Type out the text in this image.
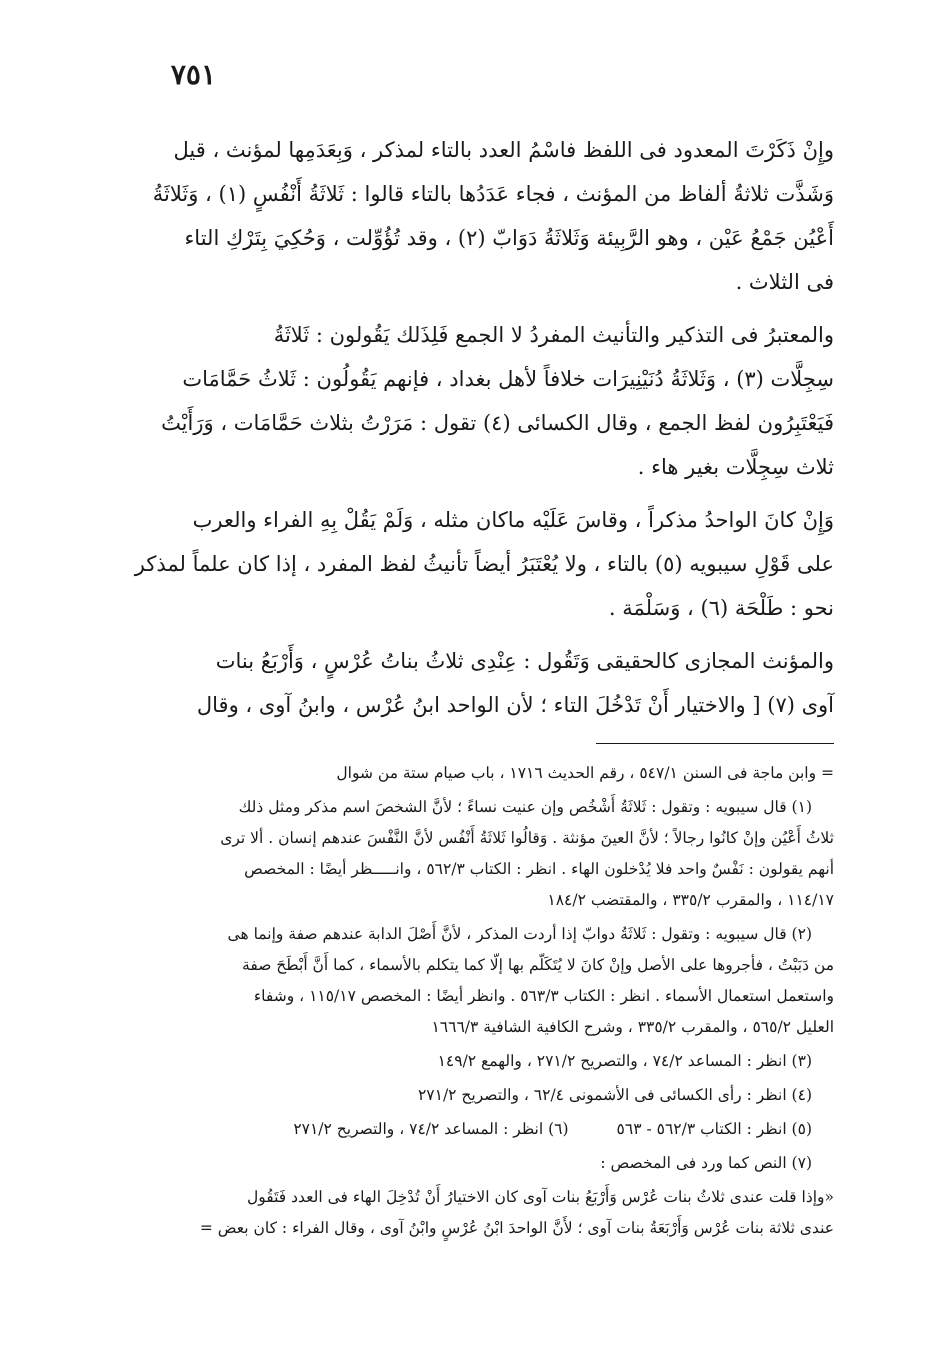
٧٥١

وإِنْ ذَكَرْتَ المعدود فى اللفظ فاسْمُ العدد بالتاء لمذكر ، وَبِعَدَمِها لمؤنث ، قيل
وَشَذَّت ثلاثةُ ألفاظ من المؤنث ، فجاء عَدَدُها بالتاء قالوا : ثَلاثَةُ أَنْفُسٍ (١) ، وَثَلاثَةُ
أَعْيُن جَمْعُ عَيْن ، وهو الرَّبِيئة وَثَلاثَةُ دَوَابّ (٢) ، وقد تُؤُوِّلت ، وَحُكِيَ بِتَرْكِ التاء
فى الثلاث .

والمعتبرُ فى التذكير والتأنيث المفردُ لا الجمع فَلِذَلك يَقُولون : ثَلاثَةُ
سِجِلَّات (٣) ، وَثَلاثَةُ دُنَيْنِيرَات خلافاً لأهل بغداد ، فإنهم يَقُولُون : ثَلاثُ حَمَّامَات
فَيَعْتَبِرُون لفظ الجمع ، وقال الكسائى (٤) تقول : مَرَرْتُ بثلاث حَمَّامَات ، وَرَأَيْتُ
ثلاث سِجِلَّات بغير هاء .

وَإِنْ كانَ الواحدُ مذكراً ، وقاسَ عَلَيْه ماكان مثله ، وَلَمْ يَقُلْ بِهِ الفراء والعرب
على قَوْلِ سيبويه (٥) بالتاء ، ولا يُعْتَبَرُ أيضاً تأنيثُ لفظ المفرد ، إذا كان علماً لمذكر
نحو : طَلْحَة (٦) ، وَسَلْمَة .

والمؤنث المجازى كالحقيقى وَتَقُول : عِنْدِى ثلاثُ بناتُ عُرْسٍ ، وَأَرْبَعُ بنات
آوى (٧) [ والاختيار أَنْ تَدْخُلَ التاء ؛ لأن الواحد ابنُ عُرْس ، وابنُ آوى ، وقال

= وابن ماجة فى السنن ٥٤٧/١ ، رقم الحديث ١٧١٦ ، باب صيام ستة من شوال

(١) قال سيبويه : وتقول : ثَلاثَةُ أَشْخُص وإن عنيت نساءً ؛ لأنَّ الشخصَ اسم مذكر ومثل ذلك
ثلاثُ أَعْيُن وإنْ كانُوا رجالاً ؛ لأنَّ العينَ مؤنثة . وَقالُوا ثَلاثَةُ أَنْفُس لأنَّ النَّفْسَ عندهم إنسان . ألا ترى
أنهم يقولون : نَفْسٌ واحد فلا يُدْخلون الهاء . انظر : الكتاب ٥٦٢/٣ ، وانـــــظر أيضًا : المخصص
١١٤/١٧ ، والمقرب ٣٣٥/٢ ، والمقتضب ١٨٤/٢

(٢) قال سيبويه : وتقول : ثَلاثَةُ دوابّ إذا أردت المذكر ، لأنَّ أَصْلَ الدابة عندهم صفة وإنما هى
من دَبَبْتُ ، فأجروها على الأصل وإنْ كانَ لا يُتَكَلّم بها إلّا كما يتكلم بالأسماء ، كما أَنَّ أَبْطَحَ صفة
واستعمل استعمال الأسماء . انظر : الكتاب ٥٦٣/٣ . وانظر أيضًا : المخصص ١١٥/١٧ ، وشفاء
العليل ٥٦٥/٢ ، والمقرب ٣٣٥/٢ ، وشرح الكافية الشافية ١٦٦٦/٣

(٣) انظر : المساعد ٧٤/٢ ، والتصريح ٢٧١/٢ ، والهمع ١٤٩/٢

(٤) انظر : رأى الكسائى فى الأشمونى ٦٢/٤ ، والتصريح ٢٧١/٢

(٥) انظر : الكتاب ٥٦٢/٣ - ٥٦٣
(٦) انظر : المساعد ٧٤/٢ ، والتصريح ٢٧١/٢

(٧) النص كما ورد فى المخصص :

«وإذا قلت عندى ثلاثُ بنات عُرْس وَأَرْبَعُ بنات آوى كان الاختيارُ أَنْ تُدْخِلَ الهاء فى العدد فَتَقُول
عندى ثلاثة بنات عُرْس وَأَرْبَعَةُ بنات آوى ؛ لأَنَّ الواحدَ ابْنُ عُرْسٍ وابْنُ آوى ، وقال الفراء : كان بعض =
